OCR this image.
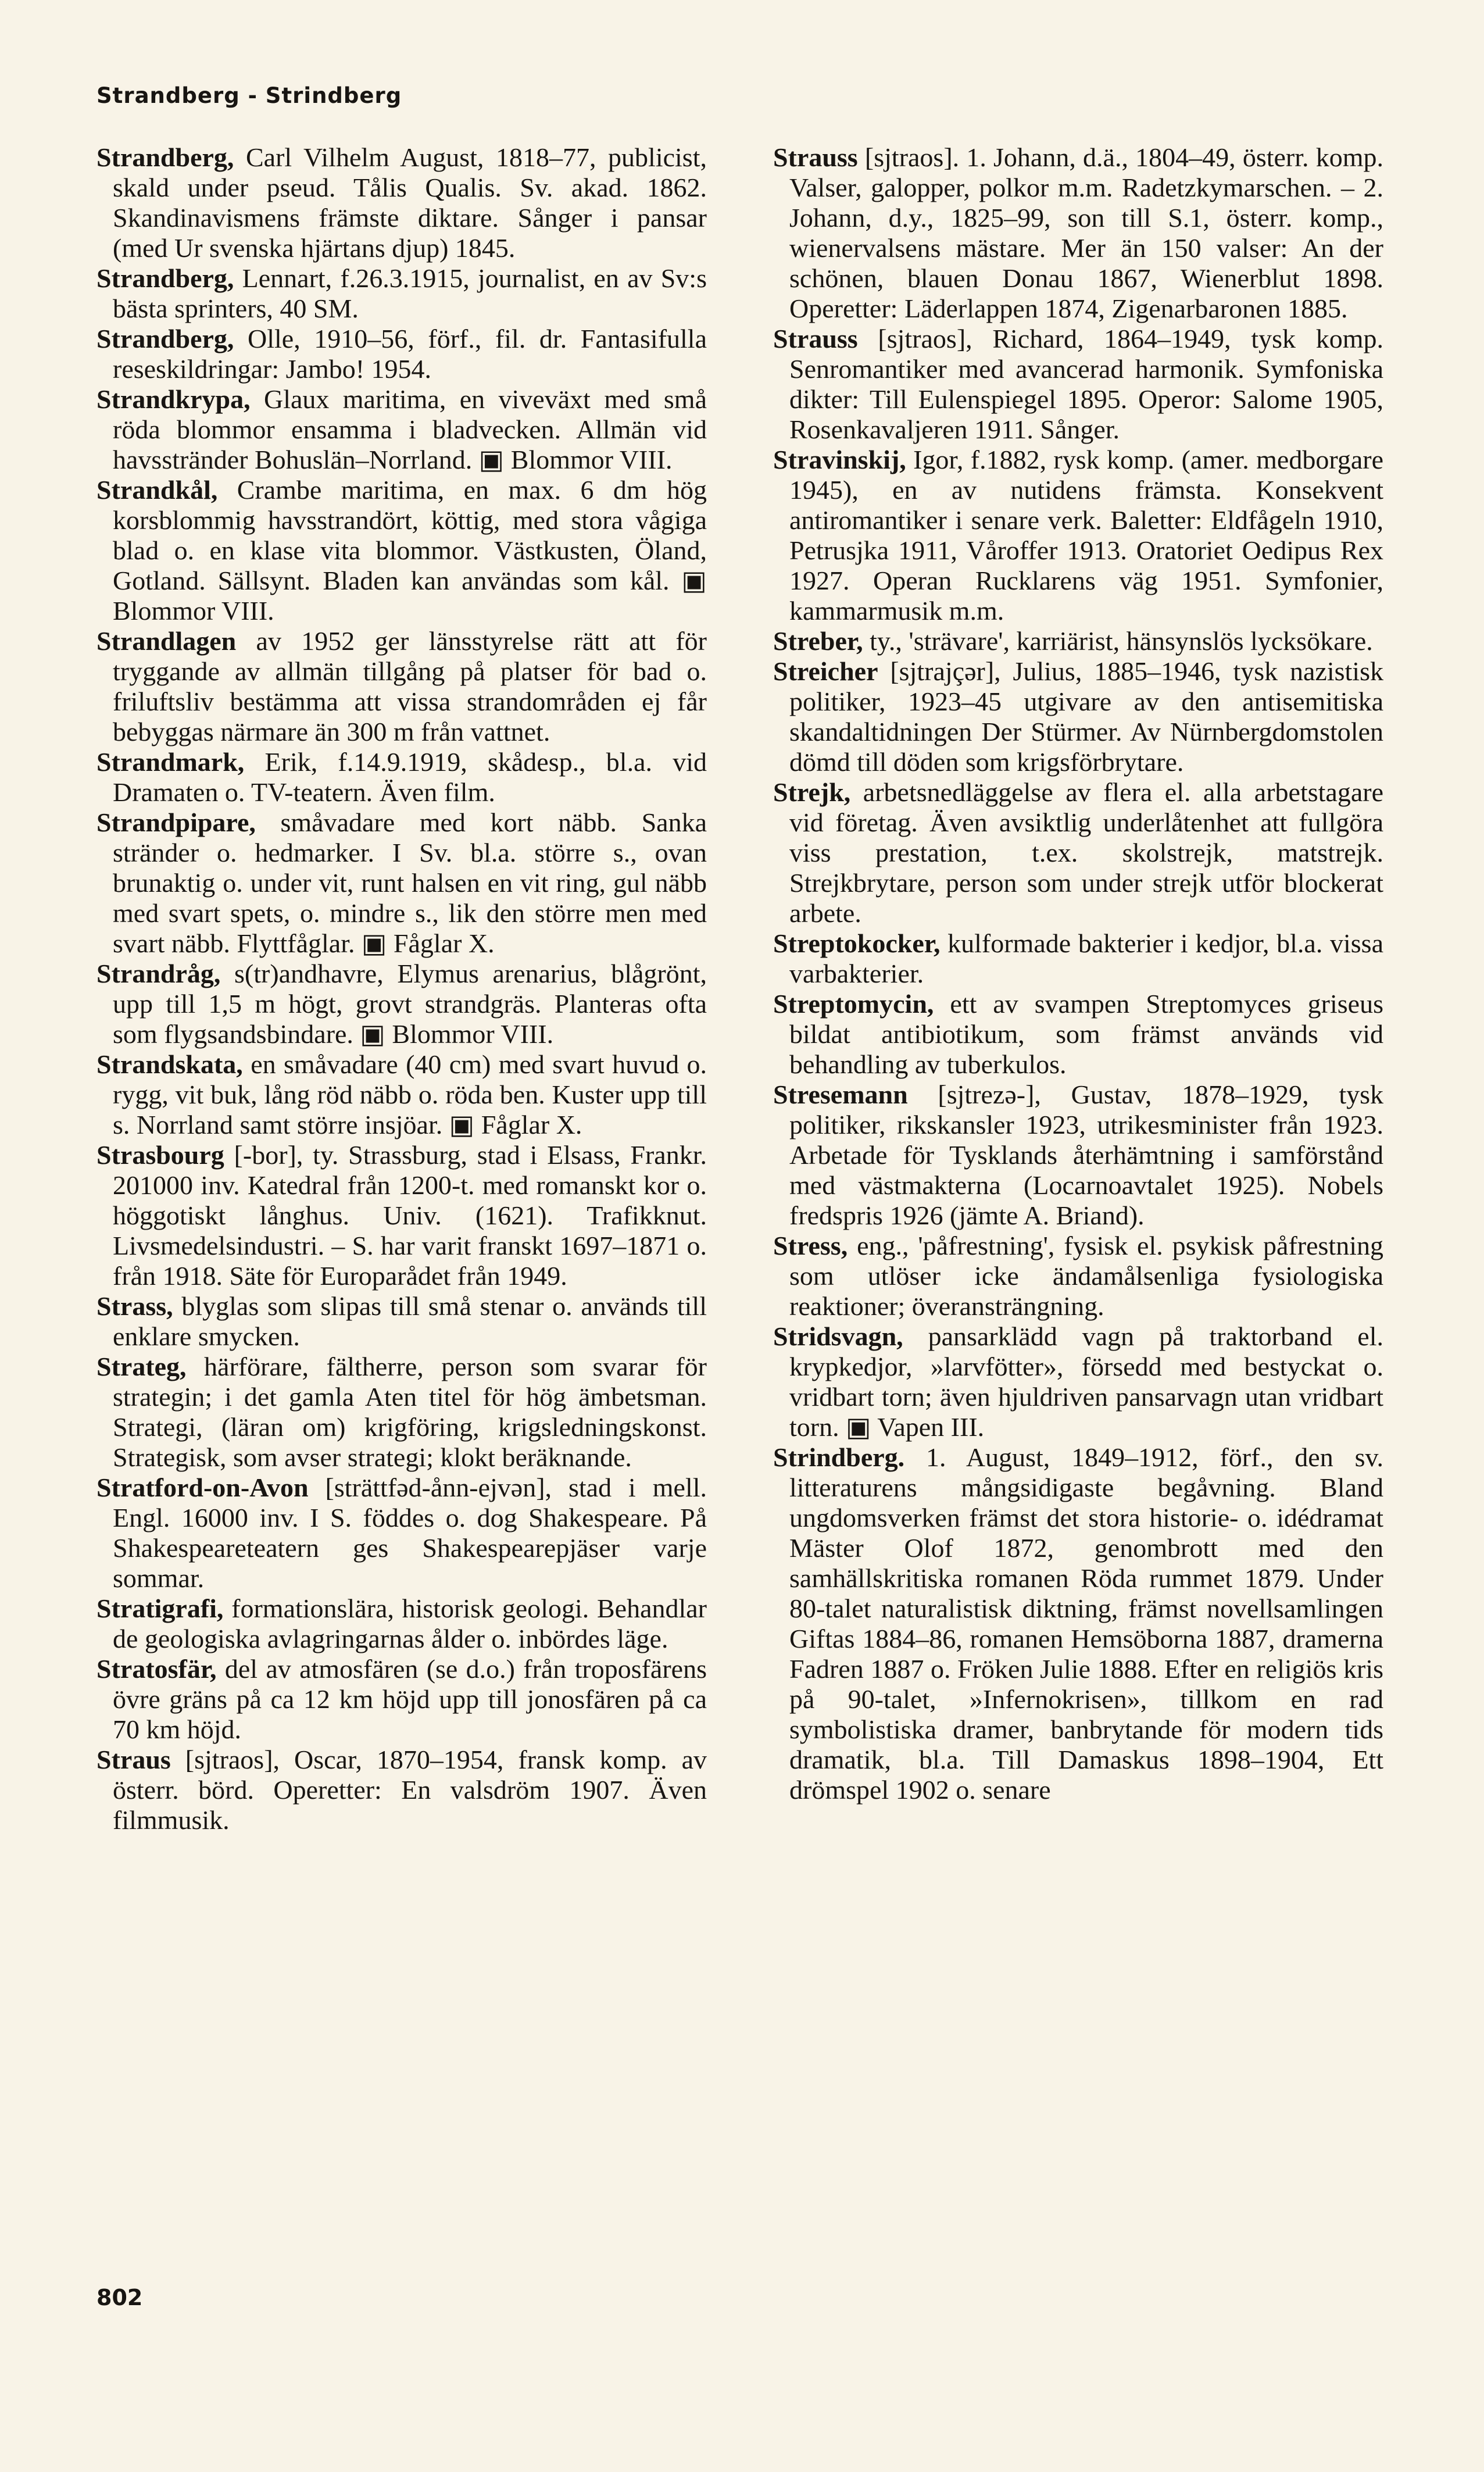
Strandberg - Strindberg

Strandberg, Carl Vilhelm August, 1818–77, publicist, skald under pseud. Tålis Qualis. Sv. akad. 1862. Skandinavismens främste diktare. Sånger i pansar (med Ur svenska hjärtans djup) 1845.

Strandberg, Lennart, f.26.3.1915, journalist, en av Sv:s bästa sprinters, 40 SM.

Strandberg, Olle, 1910–56, förf., fil. dr. Fantasifulla reseskildringar: Jambo! 1954.

Strandkrypa, Glaux maritima, en viveväxt med små röda blommor ensamma i bladvecken. Allmän vid havsstränder Bohuslän–Norrland. ▣ Blommor VIII.

Strandkål, Crambe maritima, en max. 6 dm hög korsblommig havsstrandört, köttig, med stora vågiga blad o. en klase vita blommor. Västkusten, Öland, Gotland. Sällsynt. Bladen kan användas som kål. ▣ Blommor VIII.

Strandlagen av 1952 ger länsstyrelse rätt att för tryggande av allmän tillgång på platser för bad o. friluftsliv bestämma att vissa strandområden ej får bebyggas närmare än 300 m från vattnet.

Strandmark, Erik, f.14.9.1919, skådesp., bl.a. vid Dramaten o. TV-teatern. Även film.

Strandpipare, småvadare med kort näbb. Sanka stränder o. hedmarker. I Sv. bl.a. större s., ovan brunaktig o. under vit, runt halsen en vit ring, gul näbb med svart spets, o. mindre s., lik den större men med svart näbb. Flyttfåglar. ▣ Fåglar X.

Strandråg, s(tr)andhavre, Elymus arenarius, blågrönt, upp till 1,5 m högt, grovt strandgräs. Planteras ofta som flygsandsbindare. ▣ Blommor VIII.

Strandskata, en småvadare (40 cm) med svart huvud o. rygg, vit buk, lång röd näbb o. röda ben. Kuster upp till s. Norrland samt större insjöar. ▣ Fåglar X.

Strasbourg [-bor], ty. Strassburg, stad i Elsass, Frankr. 201000 inv. Katedral från 1200-t. med romanskt kor o. höggotiskt långhus. Univ. (1621). Trafikknut. Livsmedelsindustri. – S. har varit franskt 1697–1871 o. från 1918. Säte för Europarådet från 1949.

Strass, blyglas som slipas till små stenar o. används till enklare smycken.

Strateg, härförare, fältherre, person som svarar för strategin; i det gamla Aten titel för hög ämbetsman. Strategi, (läran om) krigföring, krigsledningskonst. Strategisk, som avser strategi; klokt beräknande.

Stratford-on-Avon [strättfəd-ånn-ejvən], stad i mell. Engl. 16000 inv. I S. föddes o. dog Shakespeare. På Shakespeareteatern ges Shakespearepjäser varje sommar.

Stratigrafi, formationslära, historisk geologi. Behandlar de geologiska avlagringarnas ålder o. inbördes läge.

Stratosfär, del av atmosfären (se d.o.) från troposfärens övre gräns på ca 12 km höjd upp till jonosfären på ca 70 km höjd.

Straus [sjtraos], Oscar, 1870–1954, fransk komp. av österr. börd. Operetter: En valsdröm 1907. Även filmmusik.

Strauss [sjtraos]. 1. Johann, d.ä., 1804–49, österr. komp. Valser, galopper, polkor m.m. Radetzkymarschen. – 2. Johann, d.y., 1825–99, son till S.1, österr. komp., wienervalsens mästare. Mer än 150 valser: An der schönen, blauen Donau 1867, Wienerblut 1898. Operetter: Läderlappen 1874, Zigenarbaronen 1885.

Strauss [sjtraos], Richard, 1864–1949, tysk komp. Senromantiker med avancerad harmonik. Symfoniska dikter: Till Eulenspiegel 1895. Operor: Salome 1905, Rosenkavaljeren 1911. Sånger.

Stravinskij, Igor, f.1882, rysk komp. (amer. medborgare 1945), en av nutidens främsta. Konsekvent antiromantiker i senare verk. Baletter: Eldfågeln 1910, Petrusjka 1911, Våroffer 1913. Oratoriet Oedipus Rex 1927. Operan Rucklarens väg 1951. Symfonier, kammarmusik m.m.

Streber, ty., 'strävare', karriärist, hänsynslös lycksökare.

Streicher [sjtrajçər], Julius, 1885–1946, tysk nazistisk politiker, 1923–45 utgivare av den antisemitiska skandaltidningen Der Stürmer. Av Nürnbergdomstolen dömd till döden som krigsförbrytare.

Strejk, arbetsnedläggelse av flera el. alla arbetstagare vid företag. Även avsiktlig underlåtenhet att fullgöra viss prestation, t.ex. skolstrejk, matstrejk. Strejkbrytare, person som under strejk utför blockerat arbete.

Streptokocker, kulformade bakterier i kedjor, bl.a. vissa varbakterier.

Streptomycin, ett av svampen Streptomyces griseus bildat antibiotikum, som främst används vid behandling av tuberkulos.

Stresemann [sjtrezə-], Gustav, 1878–1929, tysk politiker, rikskansler 1923, utrikesminister från 1923. Arbetade för Tysklands återhämtning i samförstånd med västmakterna (Locarnoavtalet 1925). Nobels fredspris 1926 (jämte A. Briand).

Stress, eng., 'påfrestning', fysisk el. psykisk påfrestning som utlöser icke ändamålsenliga fysiologiska reaktioner; överansträngning.

Stridsvagn, pansarklädd vagn på traktorband el. krypkedjor, »larvfötter», försedd med bestyckat o. vridbart torn; även hjuldriven pansarvagn utan vridbart torn. ▣ Vapen III.

Strindberg. 1. August, 1849–1912, förf., den sv. litteraturens mångsidigaste begåvning. Bland ungdomsverken främst det stora historie- o. idédramat Mäster Olof 1872, genombrott med den samhällskritiska romanen Röda rummet 1879. Under 80-talet naturalistisk diktning, främst novellsamlingen Giftas 1884–86, romanen Hemsöborna 1887, dramerna Fadren 1887 o. Fröken Julie 1888. Efter en religiös kris på 90-talet, »Infernokrisen», tillkom en rad symbolistiska dramer, banbrytande för modern tids dramatik, bl.a. Till Damaskus 1898–1904, Ett drömspel 1902 o. senare

802
